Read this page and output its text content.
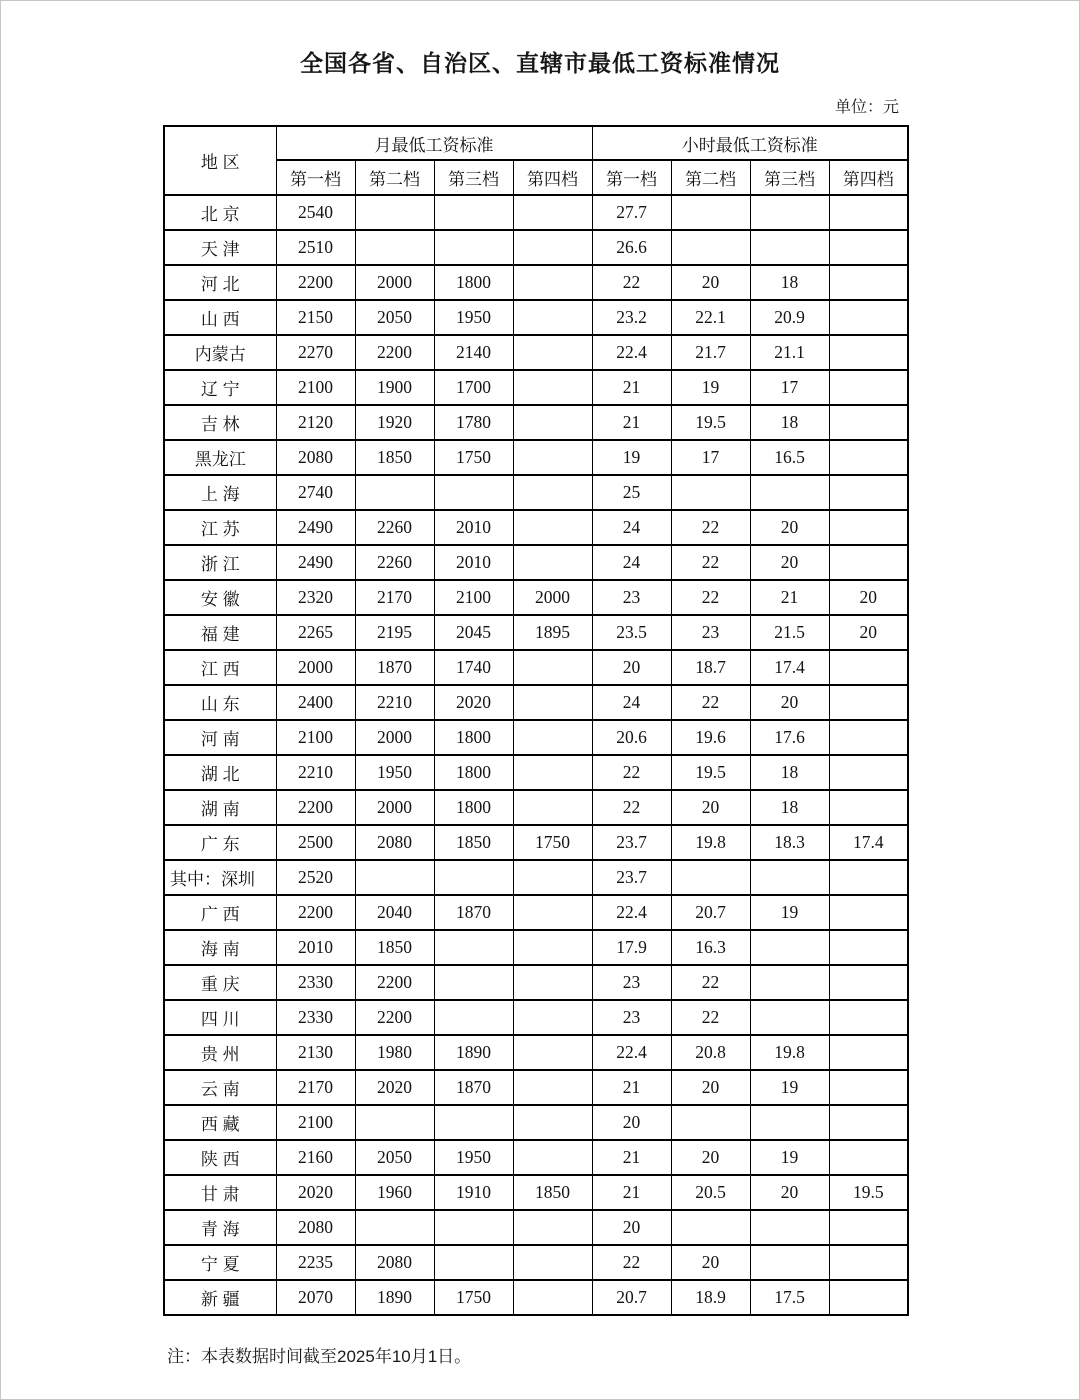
全国各省、自治区、直辖市最低工资标准情况
单位：元
地 区	月最低工资标准				小时最低工资标准			
	第一档	第二档	第三档	第四档	第一档	第二档	第三档	第四档
北 京	2540				27.7			
天 津	2510				26.6			
河 北	2200	2000	1800		22	20	18	
山 西	2150	2050	1950		23.2	22.1	20.9	
内蒙古	2270	2200	2140		22.4	21.7	21.1	
辽 宁	2100	1900	1700		21	19	17	
吉 林	2120	1920	1780		21	19.5	18	
黑龙江	2080	1850	1750		19	17	16.5	
上 海	2740				25			
江 苏	2490	2260	2010		24	22	20	
浙 江	2490	2260	2010		24	22	20	
安 徽	2320	2170	2100	2000	23	22	21	20
福 建	2265	2195	2045	1895	23.5	23	21.5	20
江 西	2000	1870	1740		20	18.7	17.4	
山 东	2400	2210	2020		24	22	20	
河 南	2100	2000	1800		20.6	19.6	17.6	
湖 北	2210	1950	1800		22	19.5	18	
湖 南	2200	2000	1800		22	20	18	
广 东	2500	2080	1850	1750	23.7	19.8	18.3	17.4
其中：深圳	2520				23.7			
广 西	2200	2040	1870		22.4	20.7	19	
海 南	2010	1850			17.9	16.3		
重 庆	2330	2200			23	22		
四 川	2330	2200			23	22		
贵 州	2130	1980	1890		22.4	20.8	19.8	
云 南	2170	2020	1870		21	20	19	
西 藏	2100				20			
陕 西	2160	2050	1950		21	20	19	
甘 肃	2020	1960	1910	1850	21	20.5	20	19.5
青 海	2080				20			
宁 夏	2235	2080			22	20		
新 疆	2070	1890	1750		20.7	18.9	17.5	
注：本表数据时间截至2025年10月1日。
